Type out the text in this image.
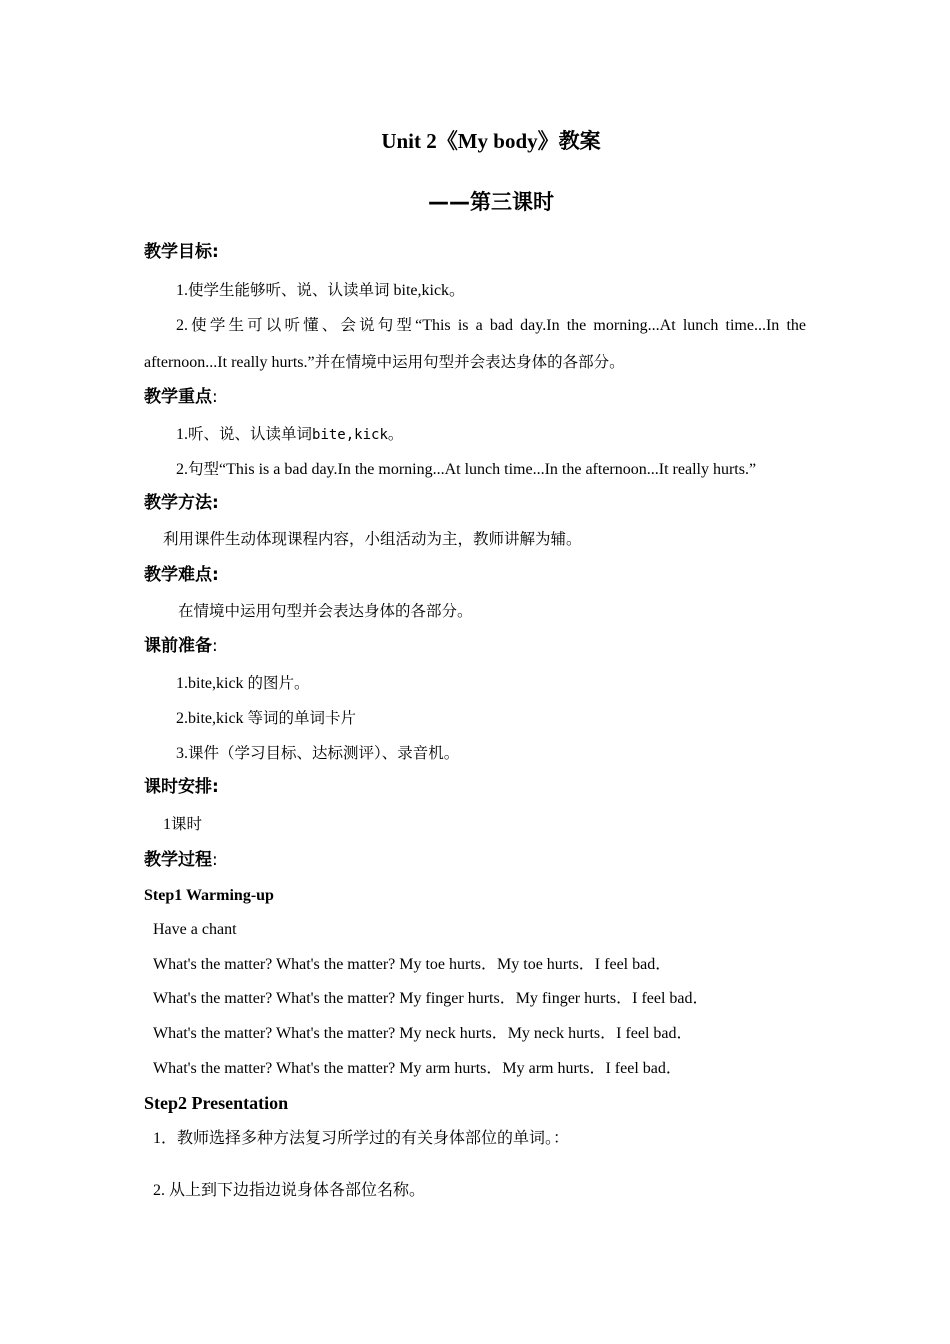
Unit 2《My body》教案
——第三课时
教学目标:
1.使学生能够听、说、认读单词 bite,kick。
2.使学生可以听懂、会说句型“This is a bad day.In the morning...At lunch time...In the
afternoon...It really hurts.”并在情境中运用句型并会表达身体的各部分。
教学重点:
1.听、说、认读单词bite,kick。
2.句型“This is a bad day.In the morning...At lunch time...In the afternoon...It really hurts.”
教学方法:
利用课件生动体现课程内容，小组活动为主，教师讲解为辅。
教学难点:
在情境中运用句型并会表达身体的各部分。
课前准备:
1.bite,kick 的图片。
2.bite,kick 等词的单词卡片
3.课件（学习目标、达标测评）、录音机。
课时安排:
1课时
教学过程:
Step1 Warming-up
Have a chant
What's the matter? What's the matter? My toe hurts．My toe hurts．I feel bad．
What's the matter? What's the matter? My finger hurts．My finger hurts．I feel bad．
What's the matter? What's the matter? My neck hurts．My neck hurts．I feel bad．
What's the matter? What's the matter? My arm hurts．My arm hurts．I feel bad．
Step2 Presentation
1．教师选择多种方法复习所学过的有关身体部位的单词。：
2. 从上到下边指边说身体各部位名称。
